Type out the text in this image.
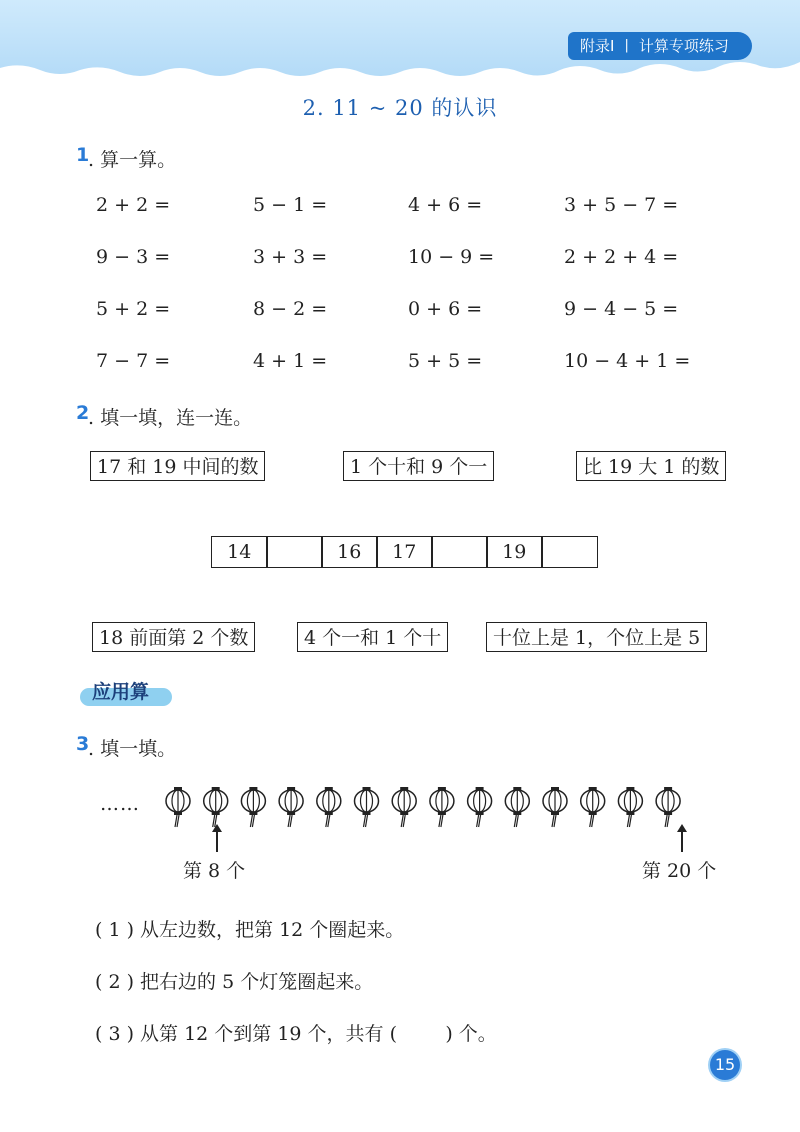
附录Ⅰ | 计算专项练习
2. 11 ~ 20 的认识
1
. 算一算。
2 + 2 =	5 − 1 =	4 + 6 =	3 + 5 − 7 =
9 − 3 =	3 + 3 =	10 − 9 =	2 + 2 + 4 =
5 + 2 =	8 − 2 =	0 + 6 =	9 − 4 − 5 =
7 − 7 =	4 + 1 =	5 + 5 =	10 − 4 + 1 =
2
. 填一填，连一连。
17 和 19 中间的数	1 个十和 9 个一	比 19 大 1 的数
14	16	17	19
18 前面第 2 个数	4 个一和 1 个十	十位上是 1，个位上是 5
应用算
3
. 填一填。
……
第 8 个	第 20 个
( 1 ) 从左边数，把第 12 个圈起来。
( 2 ) 把右边的 5 个灯笼圈起来。
( 3 ) 从第 12 个到第 19 个，共有 (        ) 个。
15
